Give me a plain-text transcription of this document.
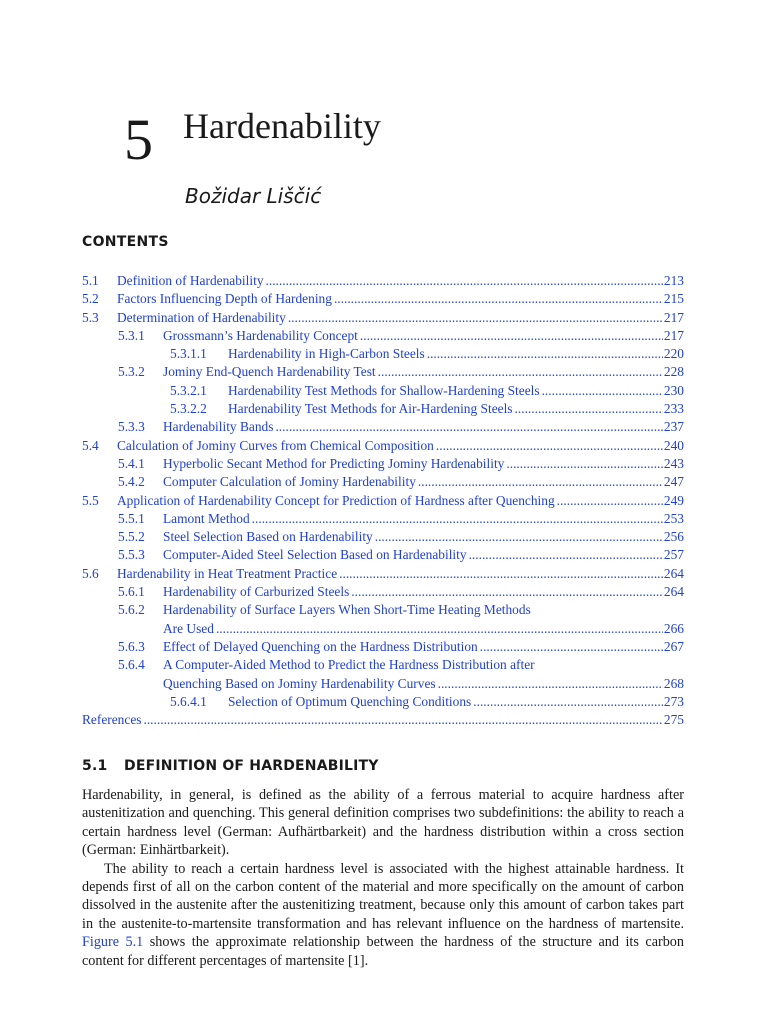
5 Hardenability
Božidar Liščić
CONTENTS
5.1 Definition of Hardenability .....	213
5.2 Factors Influencing Depth of Hardening .....	215
5.3 Determination of Hardenability .....	217
5.3.1 Grossmann’s Hardenability Concept .....	217
5.3.1.1 Hardenability in High-Carbon Steels .....	220
5.3.2 Jominy End-Quench Hardenability Test .....	228
5.3.2.1 Hardenability Test Methods for Shallow-Hardening Steels .....	230
5.3.2.2 Hardenability Test Methods for Air-Hardening Steels .....	233
5.3.3 Hardenability Bands .....	237
5.4 Calculation of Jominy Curves from Chemical Composition .....	240
5.4.1 Hyperbolic Secant Method for Predicting Jominy Hardenability .....	243
5.4.2 Computer Calculation of Jominy Hardenability .....	247
5.5 Application of Hardenability Concept for Prediction of Hardness after Quenching .....	249
5.5.1 Lamont Method .....	253
5.5.2 Steel Selection Based on Hardenability .....	256
5.5.3 Computer-Aided Steel Selection Based on Hardenability .....	257
5.6 Hardenability in Heat Treatment Practice .....	264
5.6.1 Hardenability of Carburized Steels .....	264
5.6.2 Hardenability of Surface Layers When Short-Time Heating Methods
Are Used .....	266
5.6.3 Effect of Delayed Quenching on the Hardness Distribution .....	267
5.6.4 A Computer-Aided Method to Predict the Hardness Distribution after
Quenching Based on Jominy Hardenability Curves .....	268
5.6.4.1 Selection of Optimum Quenching Conditions .....	273
References .....	275
5.1 DEFINITION OF HARDENABILITY

Hardenability, in general, is defined as the ability of a ferrous material to acquire hardness after austenitization and quenching. This general definition comprises two subdefinitions: the ability to reach a certain hardness level (German: Aufhärtbarkeit) and the hardness distribution within a cross section (German: Einhärtbarkeit).

The ability to reach a certain hardness level is associated with the highest attainable hardness. It depends first of all on the carbon content of the material and more specifically on the amount of carbon dissolved in the austenite after the austenitizing treatment, because only this amount of carbon takes part in the austenite-to-martensite transformation and has relevant influence on the hardness of martensite. Figure 5.1 shows the approximate relationship between the hardness of the structure and its carbon content for different percentages of martensite [1].
